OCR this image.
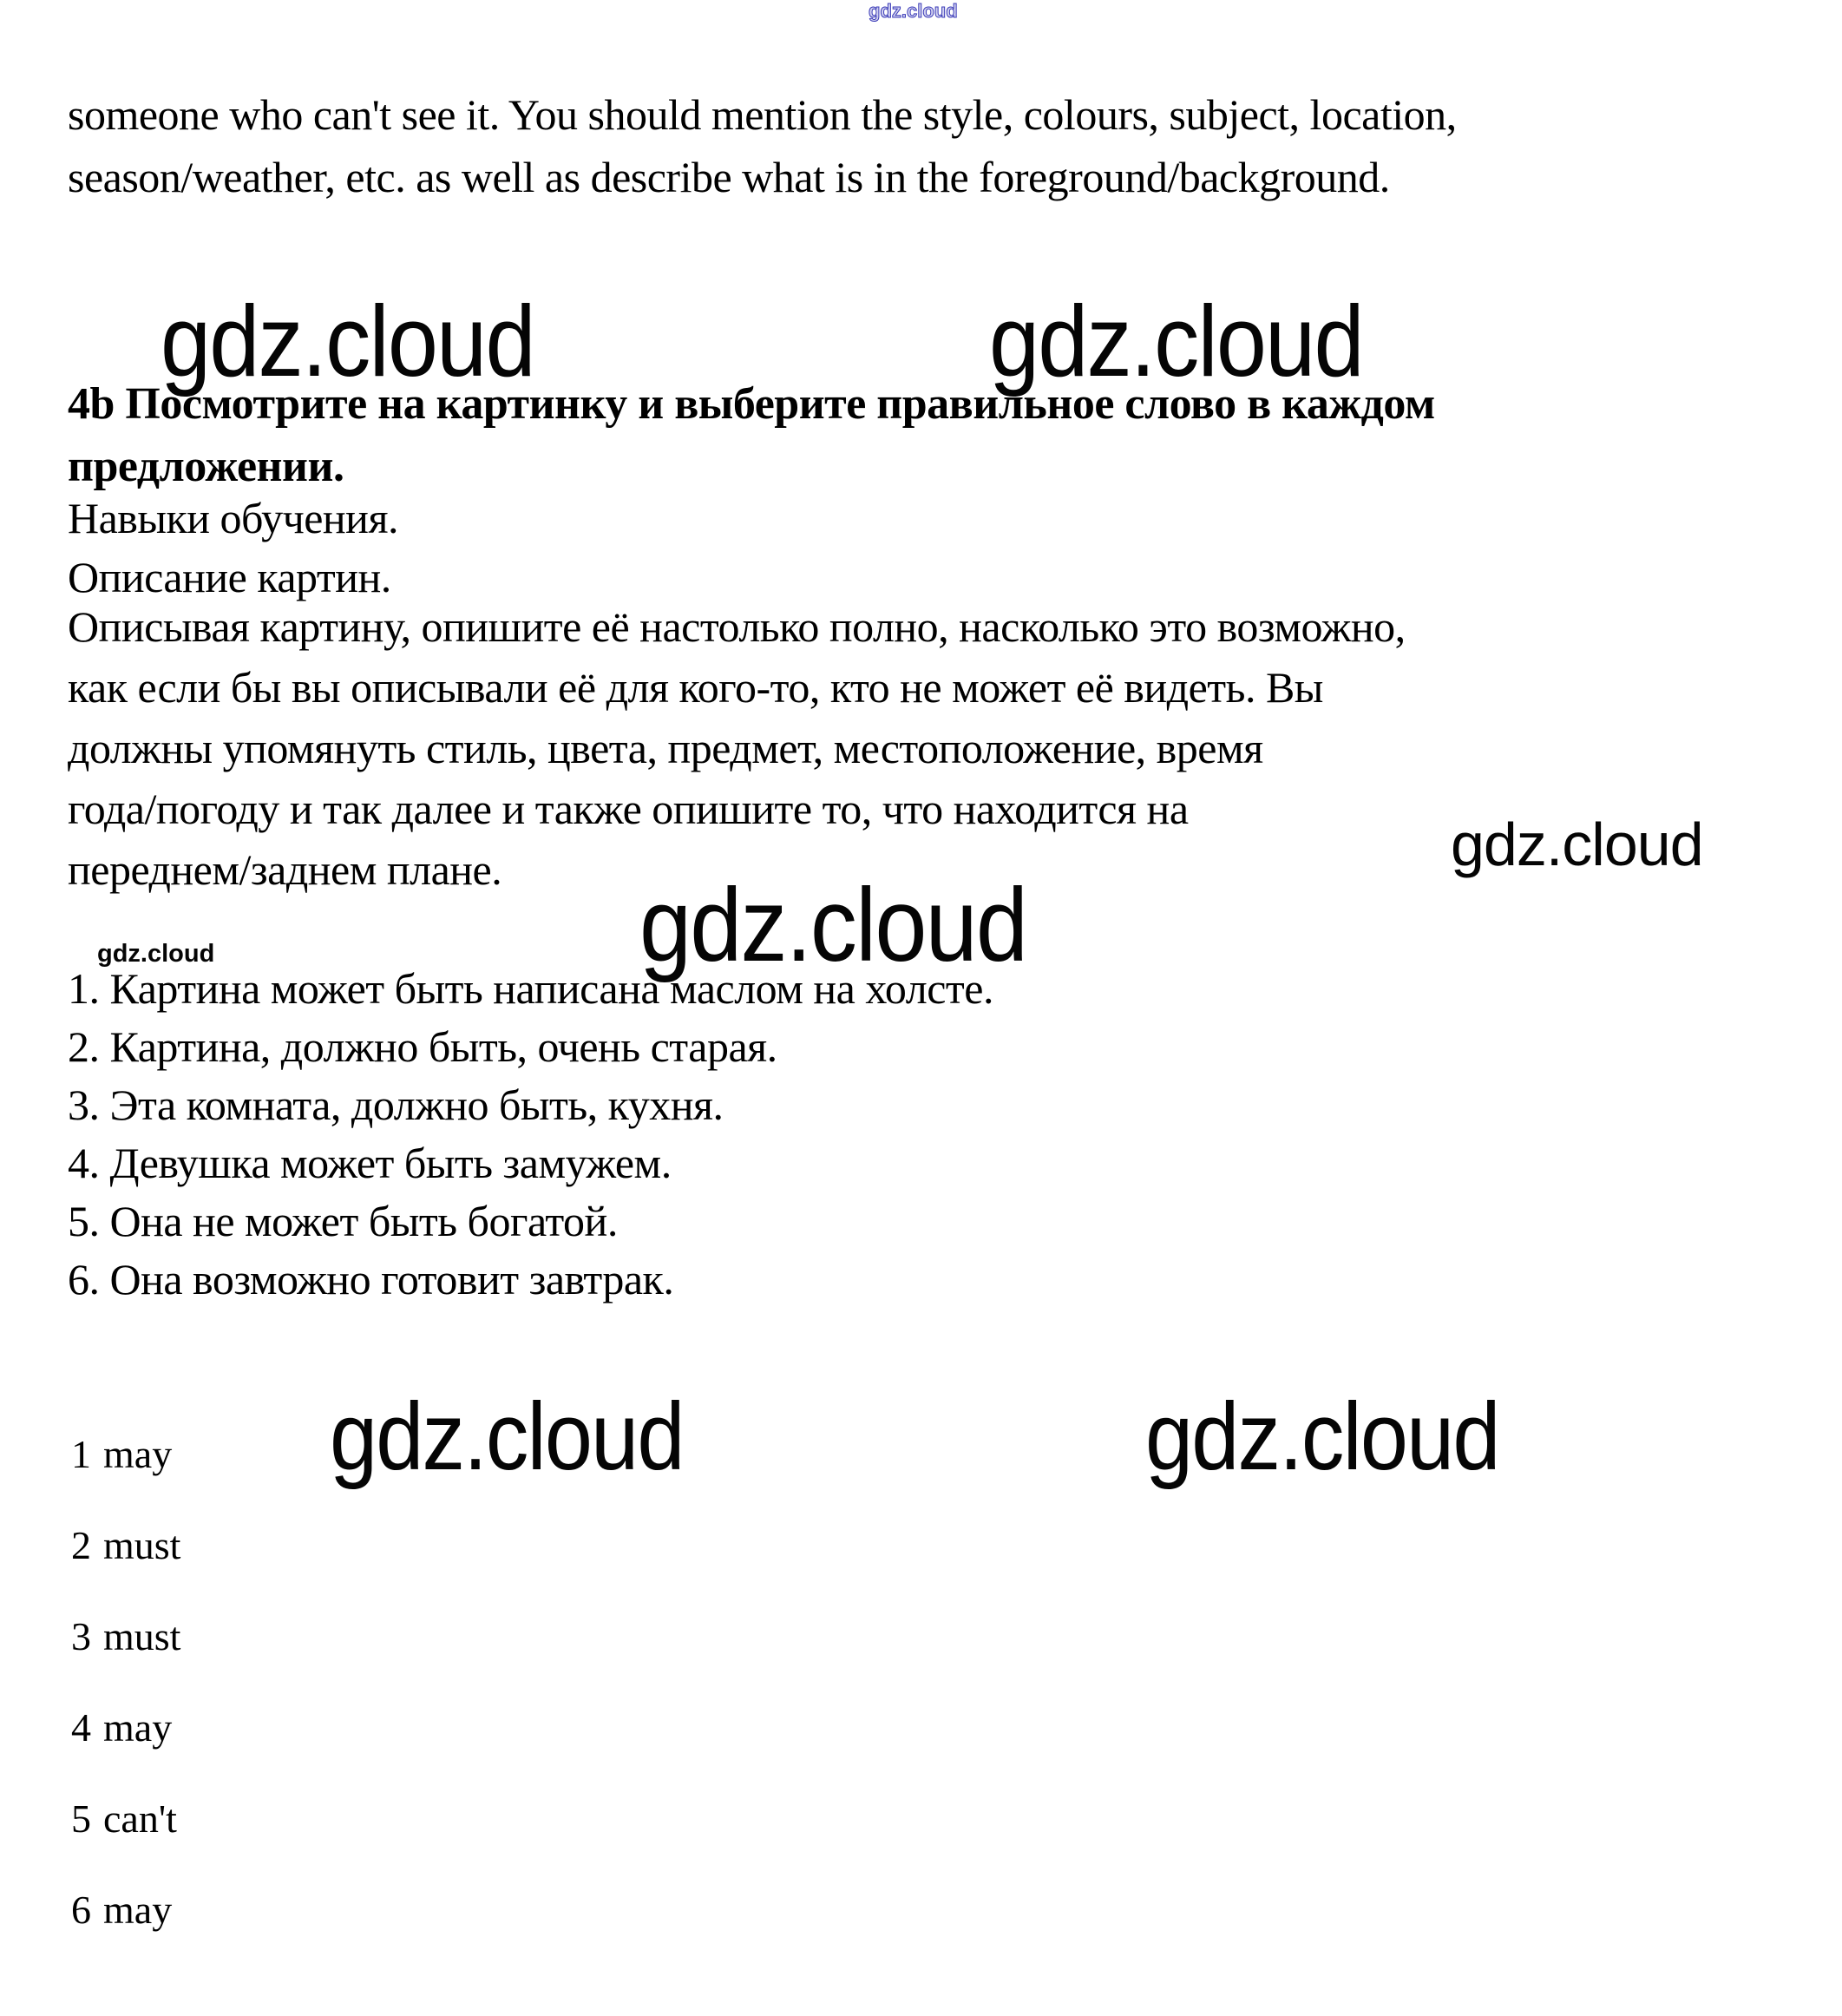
gdz.cloud
gdz.cloud	gdz.cloud
gdz.cloud
gdz.cloud
gdz.cloud
gdz.cloud	gdz.cloud
someone who can't see it. You should mention the style, colours, subject, location,
season/weather, etc. as well as describe what is in the foreground/background.
4b Посмотрите на картинку и выберите правильное слово в каждом
предложении.
Навыки обучения.
Описание картин.
Описывая картину, опишите её настолько полно, насколько это возможно,
как если бы вы описывали её для кого-то, кто не может её видеть. Вы
должны упомянуть стиль, цвета, предмет, местоположение, время
года/погоду и так далее и также опишите то, что находится на
переднем/заднем плане.
1. Картина может быть написана маслом на холсте.
2. Картина, должно быть, очень старая.
3. Эта комната, должно быть, кухня.
4. Девушка может быть замужем.
5. Она не может быть богатой.
6. Она возможно готовит завтрак.
1 may
2 must
3 must
4 may
5 can't
6 may
